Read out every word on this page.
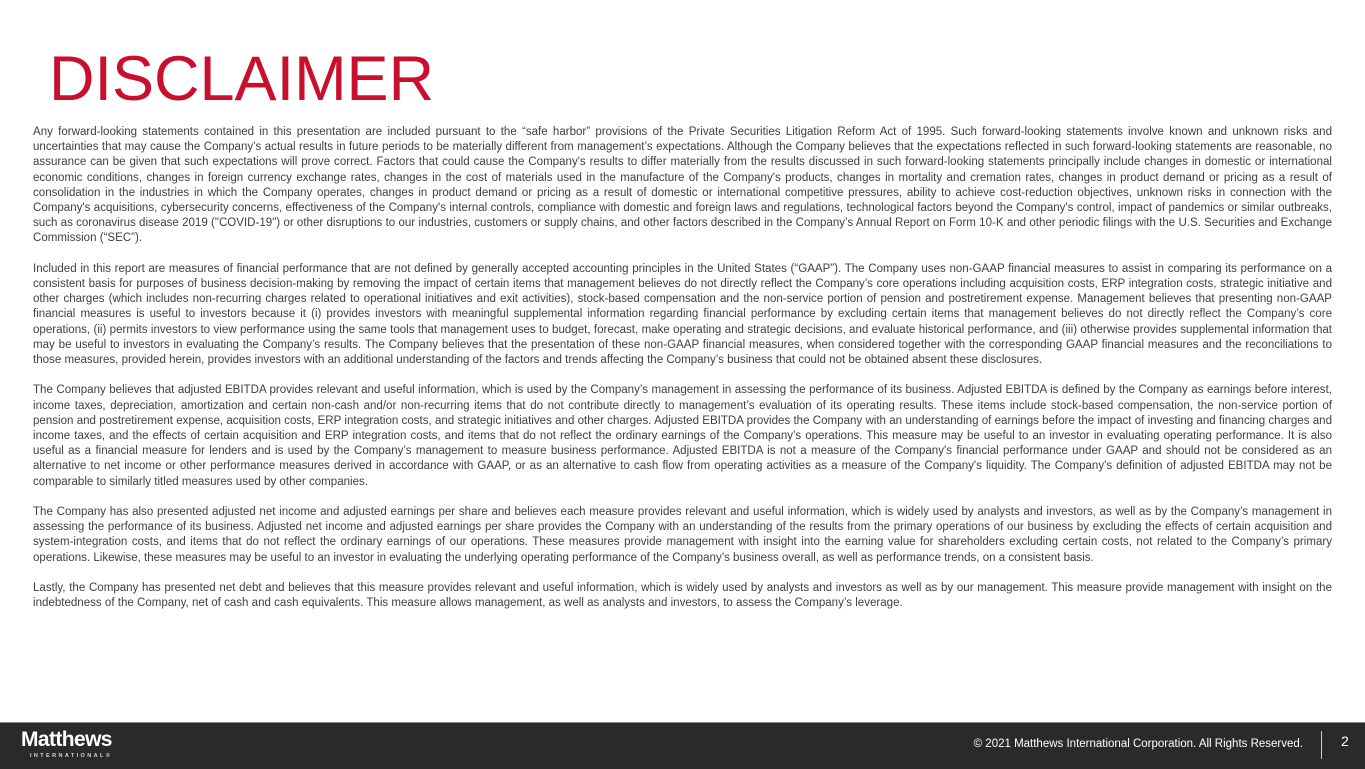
DISCLAIMER

Any forward-looking statements contained in this presentation are included pursuant to the “safe harbor” provisions of the Private Securities Litigation Reform Act of 1995. Such forward-looking statements involve known and unknown risks and uncertainties that may cause the Company’s actual results in future periods to be materially different from management’s expectations. Although the Company believes that the expectations reflected in such forward-looking statements are reasonable, no assurance can be given that such expectations will prove correct. Factors that could cause the Company's results to differ materially from the results discussed in such forward-looking statements principally include changes in domestic or international economic conditions, changes in foreign currency exchange rates, changes in the cost of materials used in the manufacture of the Company's products, changes in mortality and cremation rates, changes in product demand or pricing as a result of consolidation in the industries in which the Company operates, changes in product demand or pricing as a result of domestic or international competitive pressures, ability to achieve cost-reduction objectives, unknown risks in connection with the Company's acquisitions, cybersecurity concerns, effectiveness of the Company's internal controls, compliance with domestic and foreign laws and regulations, technological factors beyond the Company's control, impact of pandemics or similar outbreaks, such as coronavirus disease 2019 ("COVID-19") or other disruptions to our industries, customers or supply chains, and other factors described in the Company’s Annual Report on Form 10-K and other periodic filings with the U.S. Securities and Exchange Commission (“SEC”).

Included in this report are measures of financial performance that are not defined by generally accepted accounting principles in the United States (“GAAP”). The Company uses non-GAAP financial measures to assist in comparing its performance on a consistent basis for purposes of business decision-making by removing the impact of certain items that management believes do not directly reflect the Company’s core operations including acquisition costs, ERP integration costs, strategic initiative and other charges (which includes non-recurring charges related to operational initiatives and exit activities), stock-based compensation and the non-service portion of pension and postretirement expense. Management believes that presenting non-GAAP financial measures is useful to investors because it (i) provides investors with meaningful supplemental information regarding financial performance by excluding certain items that management believes do not directly reflect the Company’s core operations, (ii) permits investors to view performance using the same tools that management uses to budget, forecast, make operating and strategic decisions, and evaluate historical performance, and (iii) otherwise provides supplemental information that may be useful to investors in evaluating the Company’s results. The Company believes that the presentation of these non-GAAP financial measures, when considered together with the corresponding GAAP financial measures and the reconciliations to those measures, provided herein, provides investors with an additional understanding of the factors and trends affecting the Company’s business that could not be obtained absent these disclosures.

The Company believes that adjusted EBITDA provides relevant and useful information, which is used by the Company’s management in assessing the performance of its business. Adjusted EBITDA is defined by the Company as earnings before interest, income taxes, depreciation, amortization and certain non-cash and/or non-recurring items that do not contribute directly to management’s evaluation of its operating results. These items include stock-based compensation, the non-service portion of pension and postretirement expense, acquisition costs, ERP integration costs, and strategic initiatives and other charges. Adjusted EBITDA provides the Company with an understanding of earnings before the impact of investing and financing charges and income taxes, and the effects of certain acquisition and ERP integration costs, and items that do not reflect the ordinary earnings of the Company’s operations. This measure may be useful to an investor in evaluating operating performance. It is also useful as a financial measure for lenders and is used by the Company’s management to measure business performance. Adjusted EBITDA is not a measure of the Company's financial performance under GAAP and should not be considered as an alternative to net income or other performance measures derived in accordance with GAAP, or as an alternative to cash flow from operating activities as a measure of the Company's liquidity. The Company's definition of adjusted EBITDA may not be comparable to similarly titled measures used by other companies.

The Company has also presented adjusted net income and adjusted earnings per share and believes each measure provides relevant and useful information, which is widely used by analysts and investors, as well as by the Company’s management in assessing the performance of its business. Adjusted net income and adjusted earnings per share provides the Company with an understanding of the results from the primary operations of our business by excluding the effects of certain acquisition and system-integration costs, and items that do not reflect the ordinary earnings of our operations. These measures provide management with insight into the earning value for shareholders excluding certain costs, not related to the Company’s primary operations. Likewise, these measures may be useful to an investor in evaluating the underlying operating performance of the Company’s business overall, as well as performance trends, on a consistent basis.

Lastly, the Company has presented net debt and believes that this measure provides relevant and useful information, which is widely used by analysts and investors as well as by our management. This measure provide management with insight on the indebtedness of the Company, net of cash and cash equivalents. This measure allows management, as well as analysts and investors, to assess the Company’s leverage.

Matthews
INTERNATIONAL®
© 2021 Matthews International Corporation. All Rights Reserved.	2
